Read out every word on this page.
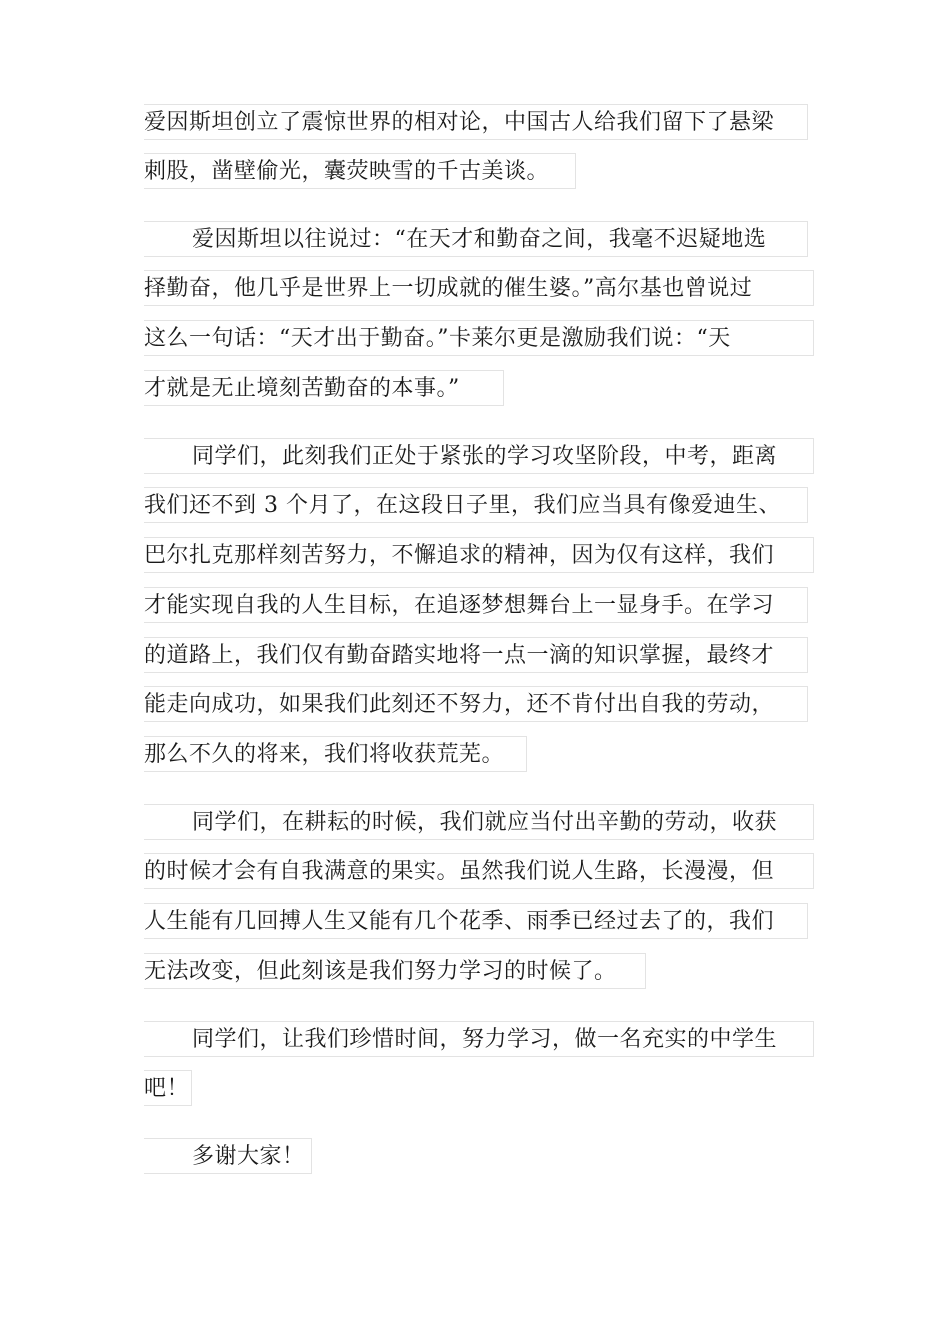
爱因斯坦创立了震惊世界的相对论，中国古人给我们留下了悬梁
刺股，凿壁偷光，囊荧映雪的千古美谈。
爱因斯坦以往说过：“在天才和勤奋之间，我毫不迟疑地选
择勤奋，他几乎是世界上一切成就的催生婆。”高尔基也曾说过
这么一句话：“天才出于勤奋。”卡莱尔更是激励我们说：“天
才就是无止境刻苦勤奋的本事。”
同学们，此刻我们正处于紧张的学习攻坚阶段，中考，距离
我们还不到 3 个月了，在这段日子里，我们应当具有像爱迪生、
巴尔扎克那样刻苦努力，不懈追求的精神，因为仅有这样，我们
才能实现自我的人生目标，在追逐梦想舞台上一显身手。在学习
的道路上，我们仅有勤奋踏实地将一点一滴的知识掌握，最终才
能走向成功，如果我们此刻还不努力，还不肯付出自我的劳动，
那么不久的将来，我们将收获荒芜。
同学们，在耕耘的时候，我们就应当付出辛勤的劳动，收获
的时候才会有自我满意的果实。虽然我们说人生路，长漫漫，但
人生能有几回搏人生又能有几个花季、雨季已经过去了的，我们
无法改变，但此刻该是我们努力学习的时候了。
同学们，让我们珍惜时间，努力学习，做一名充实的中学生
吧！
多谢大家！
